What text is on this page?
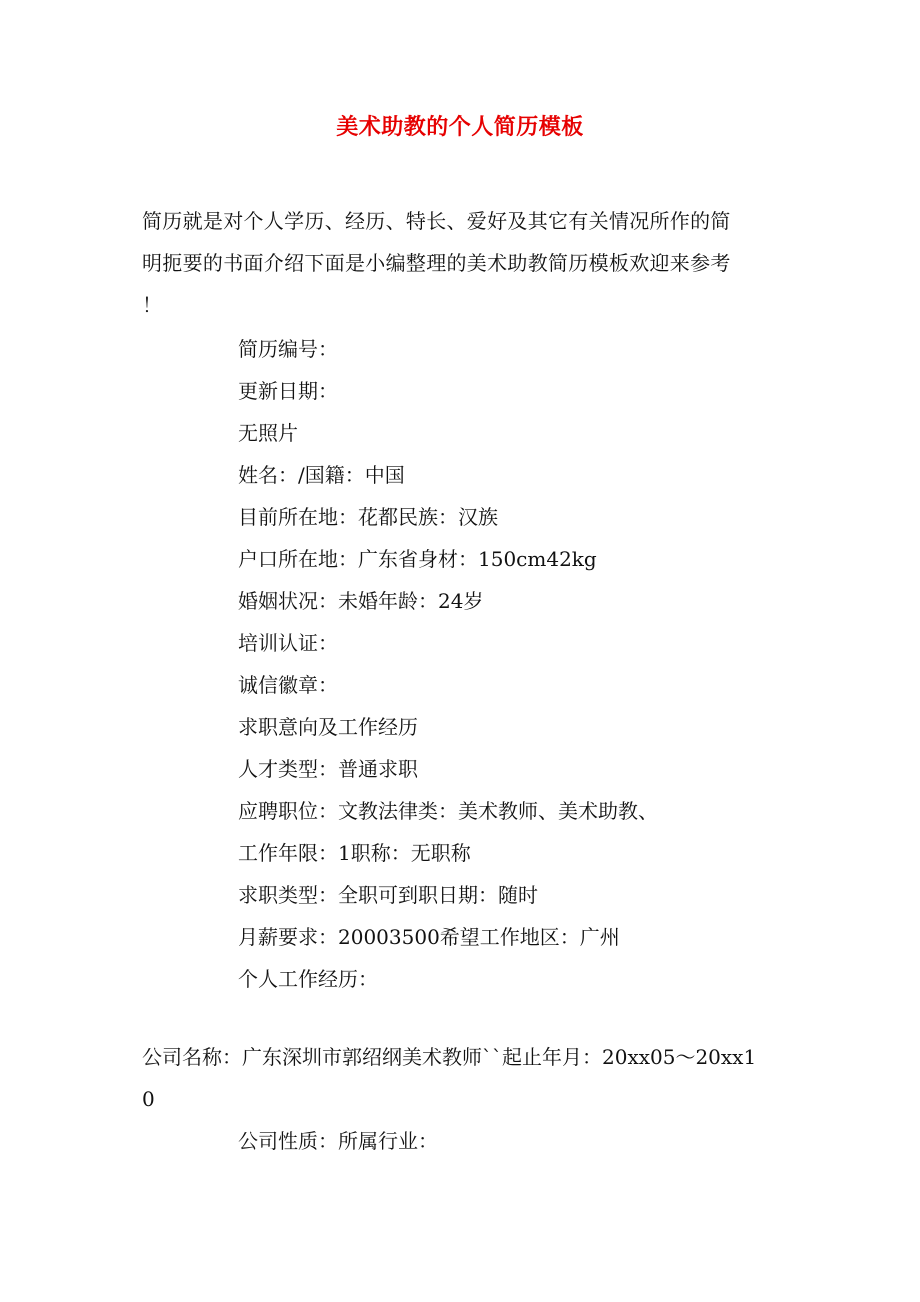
美术助教的个人简历模板
简历就是对个人学历、经历、特长、爱好及其它有关情况所作的简
明扼要的书面介绍下面是小编整理的美术助教简历模板欢迎来参考
！
简历编号：
更新日期：
无照片
姓名：/国籍：中国
目前所在地：花都民族：汉族
户口所在地：广东省身材：150cm42kg
婚姻状况：未婚年龄：24岁
培训认证：
诚信徽章：
求职意向及工作经历
人才类型：普通求职
应聘职位：文教法律类：美术教师、美术助教、
工作年限：1职称：无职称
求职类型：全职可到职日期：随时
月薪要求：20003500希望工作地区：广州
个人工作经历：
公司名称：广东深圳市郭绍纲美术教师``起止年月：20xx05～20xx1
0
公司性质：所属行业：
